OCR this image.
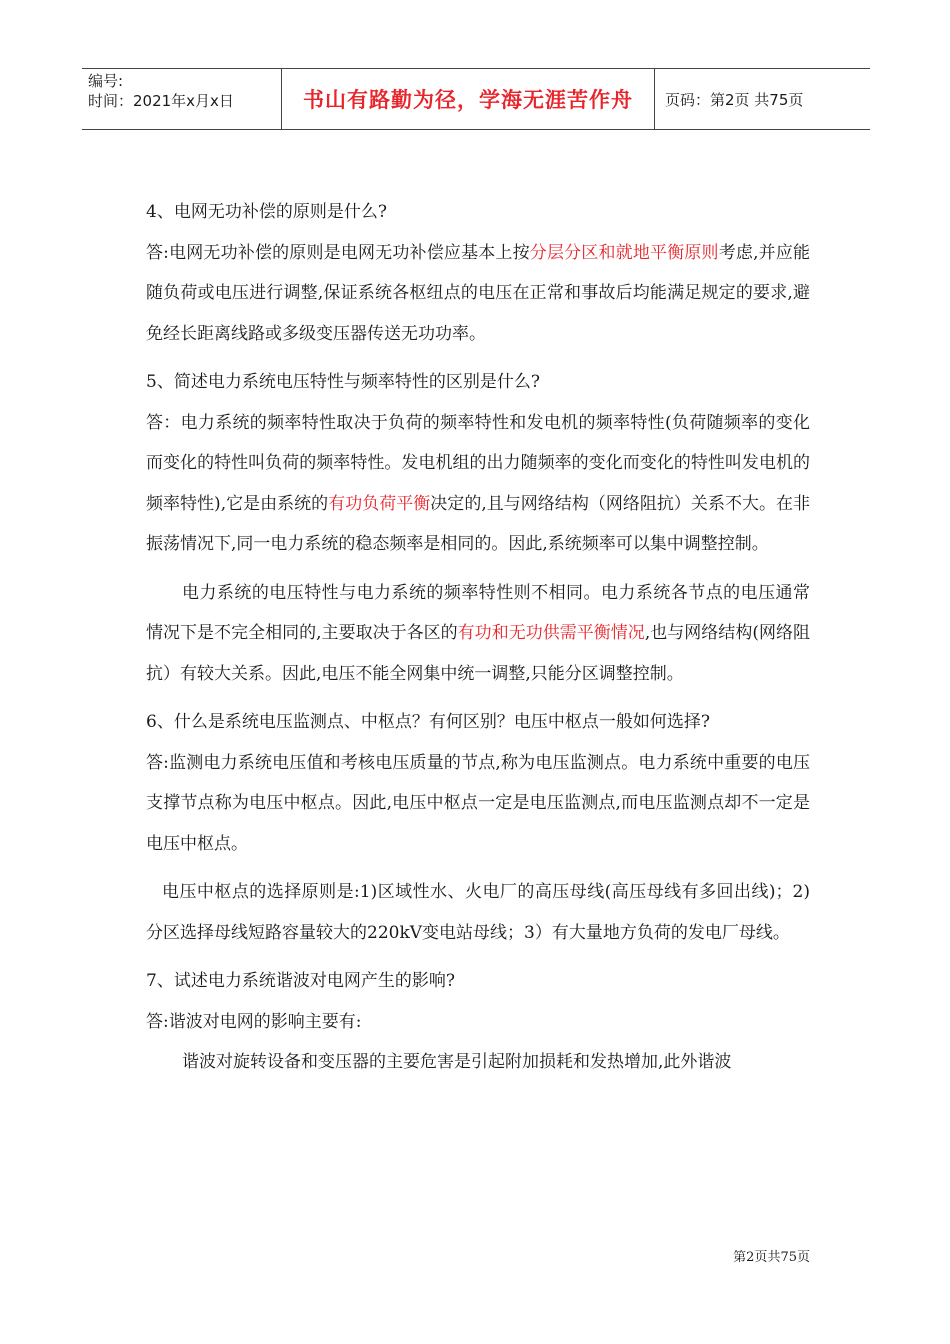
编号:
时间：2021年x月x日	书山有路勤为径，学海无涯苦作舟	页码：第2页 共75页

4、电网无功补偿的原则是什么?

答:电网无功补偿的原则是电网无功补偿应基本上按分层分区和就地平衡原则考虑,并应能随负荷或电压进行调整,保证系统各枢纽点的电压在正常和事故后均能满足规定的要求,避免经长距离线路或多级变压器传送无功功率。

5、简述电力系统电压特性与频率特性的区别是什么?

答：电力系统的频率特性取决于负荷的频率特性和发电机的频率特性(负荷随频率的变化而变化的特性叫负荷的频率特性。发电机组的出力随频率的变化而变化的特性叫发电机的频率特性),它是由系统的有功负荷平衡决定的,且与网络结构（网络阻抗）关系不大。在非振荡情况下,同一电力系统的稳态频率是相同的。因此,系统频率可以集中调整控制。

电力系统的电压特性与电力系统的频率特性则不相同。电力系统各节点的电压通常情况下是不完全相同的,主要取决于各区的有功和无功供需平衡情况,也与网络结构(网络阻抗）有较大关系。因此,电压不能全网集中统一调整,只能分区调整控制。

6、什么是系统电压监测点、中枢点？有何区别？电压中枢点一般如何选择?

答:监测电力系统电压值和考核电压质量的节点,称为电压监测点。电力系统中重要的电压支撑节点称为电压中枢点。因此,电压中枢点一定是电压监测点,而电压监测点却不一定是电压中枢点。

电压中枢点的选择原则是:1)区域性水、火电厂的高压母线(高压母线有多回出线)；2)分区选择母线短路容量较大的220kV变电站母线；3）有大量地方负荷的发电厂母线。

7、试述电力系统谐波对电网产生的影响?

答:谐波对电网的影响主要有:

谐波对旋转设备和变压器的主要危害是引起附加损耗和发热增加,此外谐波

第2页共75页
